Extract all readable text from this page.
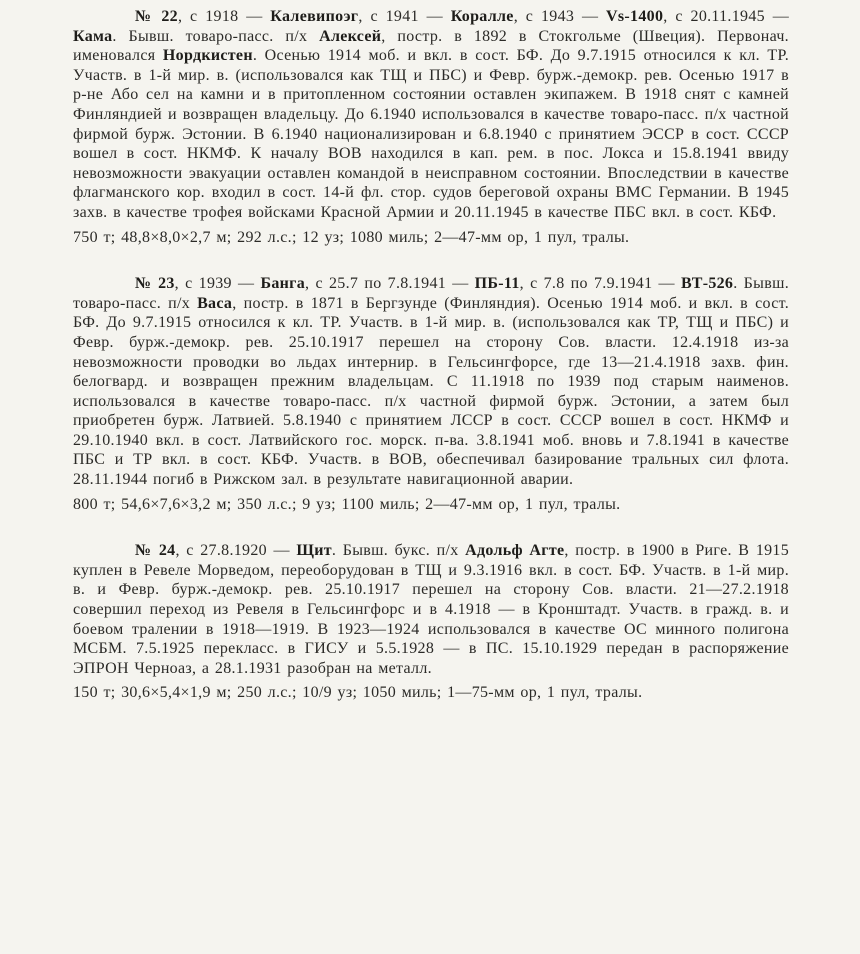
№ 22, с 1918 — Калевипоэг, с 1941 — Коралле, с 1943 — Vs-1400, с 20.11.1945 — Кама. Бывш. товаро-пасс. п/х Алексей, постр. в 1892 в Стокгольме (Швеция). Первонач. именовался Нордкистен. Осенью 1914 моб. и вкл. в сост. БФ. До 9.7.1915 относился к кл. ТР. Участв. в 1-й мир. в. (использовался как ТЩ и ПБС) и Февр. бурж.-демокр. рев. Осенью 1917 в р-не Або сел на камни и в притопленном состоянии оставлен экипажем. В 1918 снят с камней Финляндией и возвращен владельцу. До 6.1940 использовался в качестве товаро-пасс. п/х частной фирмой бурж. Эстонии. В 6.1940 национализирован и 6.8.1940 с принятием ЭССР в сост. СССР вошел в сост. НКМФ. К началу ВОВ находился в кап. рем. в пос. Локса и 15.8.1941 ввиду невозможности эвакуации оставлен командой в неисправном состоянии. Впоследствии в качестве флагманского кор. входил в сост. 14-й фл. стор. судов береговой охраны ВМС Германии. В 1945 захв. в качестве трофея войсками Красной Армии и 20.11.1945 в качестве ПБС вкл. в сост. КБФ.

750 т; 48,8×8,0×2,7 м; 292 л.с.; 12 уз; 1080 миль; 2—47-мм ор, 1 пул, тралы.

№ 23, с 1939 — Банга, с 25.7 по 7.8.1941 — ПБ-11, с 7.8 по 7.9.1941 — ВТ-526. Бывш. товаро-пасс. п/х Васа, постр. в 1871 в Бергзунде (Финляндия). Осенью 1914 моб. и вкл. в сост. БФ. До 9.7.1915 относился к кл. ТР. Участв. в 1-й мир. в. (использовался как ТР, ТЩ и ПБС) и Февр. бурж.-демокр. рев. 25.10.1917 перешел на сторону Сов. власти. 12.4.1918 из-за невозможности проводки во льдах интернир. в Гельсингфорсе, где 13—21.4.1918 захв. фин. белогвард. и возвращен прежним владельцам. С 11.1918 по 1939 под старым наименов. использовался в качестве товаро-пасс. п/х частной фирмой бурж. Эстонии, а затем был приобретен бурж. Латвией. 5.8.1940 с принятием ЛССР в сост. СССР вошел в сост. НКМФ и 29.10.1940 вкл. в сост. Латвийского гос. морск. п-ва. 3.8.1941 моб. вновь и 7.8.1941 в качестве ПБС и ТР вкл. в сост. КБФ. Участв. в ВОВ, обеспечивал базирование тральных сил флота. 28.11.1944 погиб в Рижском зал. в результате навигационной аварии.

800 т; 54,6×7,6×3,2 м; 350 л.с.; 9 уз; 1100 миль; 2—47-мм ор, 1 пул, тралы.

№ 24, с 27.8.1920 — Щит. Бывш. букс. п/х Адольф Агте, постр. в 1900 в Риге. В 1915 куплен в Ревеле Морведом, переоборудован в ТЩ и 9.3.1916 вкл. в сост. БФ. Участв. в 1-й мир. в. и Февр. бурж.-демокр. рев. 25.10.1917 перешел на сторону Сов. власти. 21—27.2.1918 совершил переход из Ревеля в Гельсингфорс и в 4.1918 — в Кронштадт. Участв. в гражд. в. и боевом тралении в 1918—1919. В 1923—1924 использовался в качестве ОС минного полигона МСБМ. 7.5.1925 перекласс. в ГИСУ и 5.5.1928 — в ПС. 15.10.1929 передан в распоряжение ЭПРОН Черноаз, а 28.1.1931 разобран на металл.

150 т; 30,6×5,4×1,9 м; 250 л.с.; 10/9 уз; 1050 миль; 1—75-мм ор, 1 пул, тралы.
